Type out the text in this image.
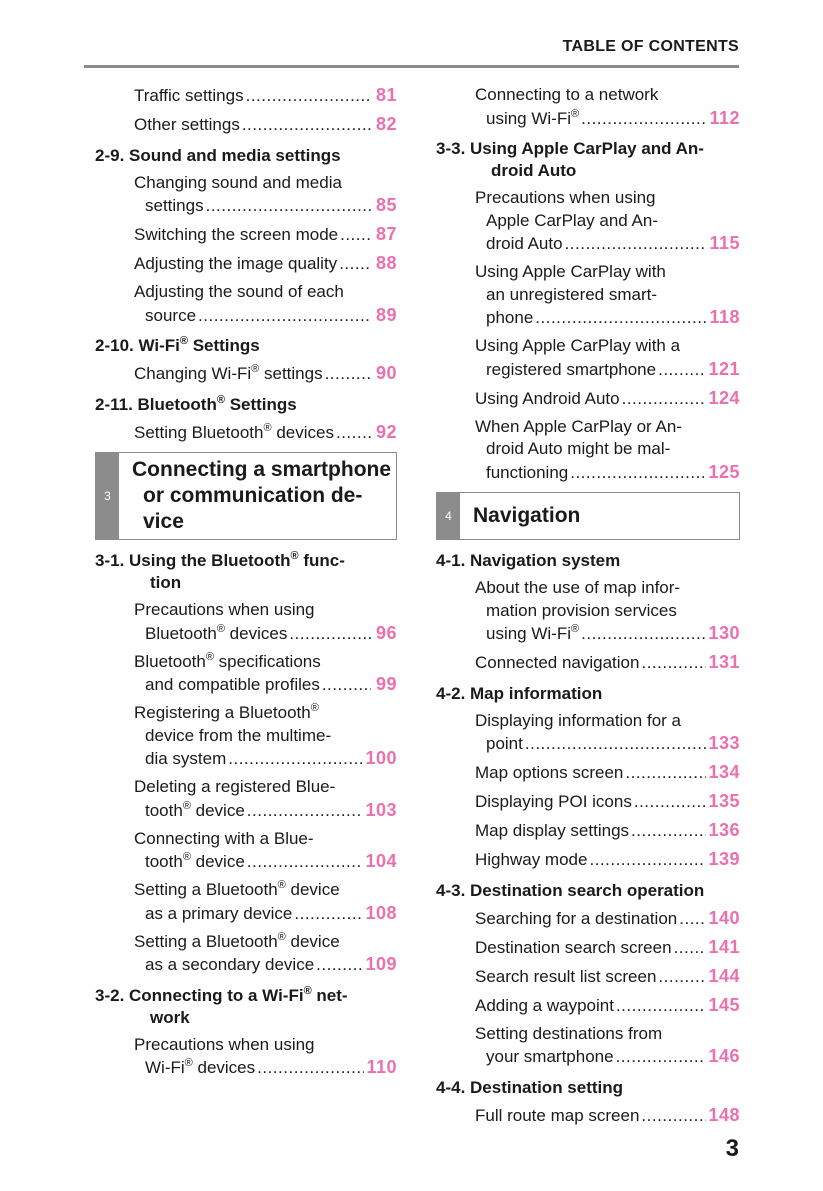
TABLE OF CONTENTS
Traffic settings .....	81
Other settings .....	82
2-9. Sound and media settings
Changing sound and media
settings .....	85
Switching the screen mode ..... 87
Adjusting the image quality ..... 88
Adjusting the sound of each
source .....	89
2-10. Wi-Fi® Settings
Changing Wi-Fi® settings .....	90
2-11. Bluetooth® Settings
Setting Bluetooth® devices ..... 92
3
Connecting a smartphone
or communication de-
vice
3-1. Using the Bluetooth® func-
tion
Precautions when using
Bluetooth® devices .....	96
Bluetooth® specifications
and compatible profiles .....	99
Registering a Bluetooth®
device from the multime-
dia system .....	100
Deleting a registered Blue-
tooth® device .....	103
Connecting with a Blue-
tooth® device .....	104
Setting a Bluetooth® device
as a primary device .....	108
Setting a Bluetooth® device
as a secondary device .....	109
3-2. Connecting to a Wi-Fi® net-
work
Precautions when using
Wi-Fi® devices .....	110
Connecting to a network
using Wi-Fi® .....	112
3-3. Using Apple CarPlay and An-
droid Auto
Precautions when using
Apple CarPlay and An-
droid Auto .....	115
Using Apple CarPlay with
an unregistered smart-
phone .....	118
Using Apple CarPlay with a
registered smartphone .....	121
Using Android Auto .....	124
When Apple CarPlay or An-
droid Auto might be mal-
functioning .....	125
4	Navigation
4-1. Navigation system
About the use of map infor-
mation provision services
using Wi-Fi® .....	130
Connected navigation .....	131
4-2. Map information
Displaying information for a
point .....	133
Map options screen .....	134
Displaying POI icons .....	135
Map display settings .....	136
Highway mode .....	139
4-3. Destination search operation
Searching for a destination ..... 140
Destination search screen ..... 141
Search result list screen .....	144
Adding a waypoint .....	145
Setting destinations from
your smartphone .....	146
4-4. Destination setting
Full route map screen .....	148
3
